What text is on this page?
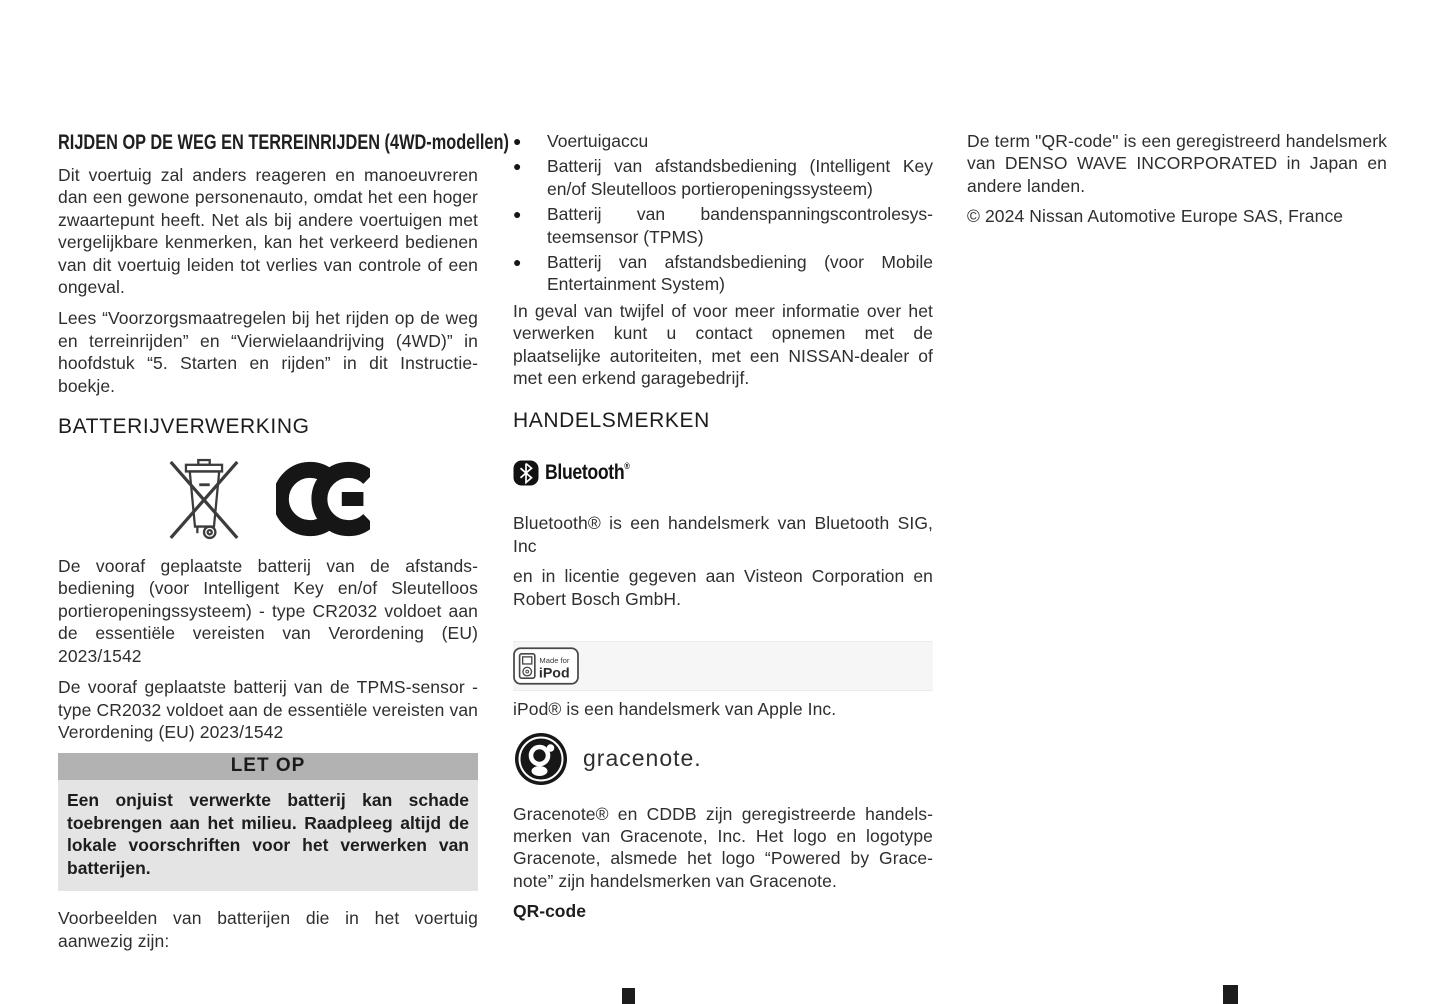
RIJDEN OP DE WEG EN TERREINRIJDEN (4WD-modellen)

Dit voertuig zal anders reageren en manoeuvreren dan een gewone personenauto, omdat het een hoger zwaartepunt heeft. Net als bij andere voertuigen met vergelijkbare kenmerken, kan het verkeerd bedienen van dit voertuig leiden tot verlies van controle of een ongeval.

Lees “Voorzorgsmaatregelen bij het rijden op de weg en terreinrijden” en “Vierwielaandrijving (4WD)” in hoofdstuk “5. Starten en rijden” in dit Instructieboekje.

BATTERIJVERWERKING

De vooraf geplaatste batterij van de afstandsbediening (voor Intelligent Key en/of Sleutelloos portieropeningssysteem) - type CR2032 voldoet aan de essentiële vereisten van Verordening (EU) 2023/1542

De vooraf geplaatste batterij van de TPMS-sensor - type CR2032 voldoet aan de essentiële vereisten van Verordening (EU) 2023/1542

LET OP

Een onjuist verwerkte batterij kan schade toebrengen aan het milieu. Raadpleeg altijd de lokale voorschriften voor het verwerken van batterijen.

Voorbeelden van batterijen die in het voertuig aanwezig zijn:

●	Voertuigaccu
●	Batterij van afstandsbediening (Intelligent Key en/of Sleutelloos portieropeningssysteem)
●	Batterij van bandenspanningscontrolesysteemsensor (TPMS)
●	Batterij van afstandsbediening (voor Mobile Entertainment System)

In geval van twijfel of voor meer informatie over het verwerken kunt u contact opnemen met de plaatselijke autoriteiten, met een NISSAN-dealer of met een erkend garagebedrijf.

HANDELSMERKEN
Bluetooth®

Bluetooth® is een handelsmerk van Bluetooth SIG, Inc

en in licentie gegeven aan Visteon Corporation en Robert Bosch GmbH.

Made for
iPod

iPod® is een handelsmerk van Apple Inc.

gracenote.

Gracenote® en CDDB zijn geregistreerde handelsmerken van Gracenote, Inc. Het logo en logotype Gracenote, alsmede het logo “Powered by Gracenote” zijn handelsmerken van Gracenote.

QR-code

De term "QR-code" is een geregistreerd handelsmerk van DENSO WAVE INCORPORATED in Japan en andere landen.

© 2024 Nissan Automotive Europe SAS, France
